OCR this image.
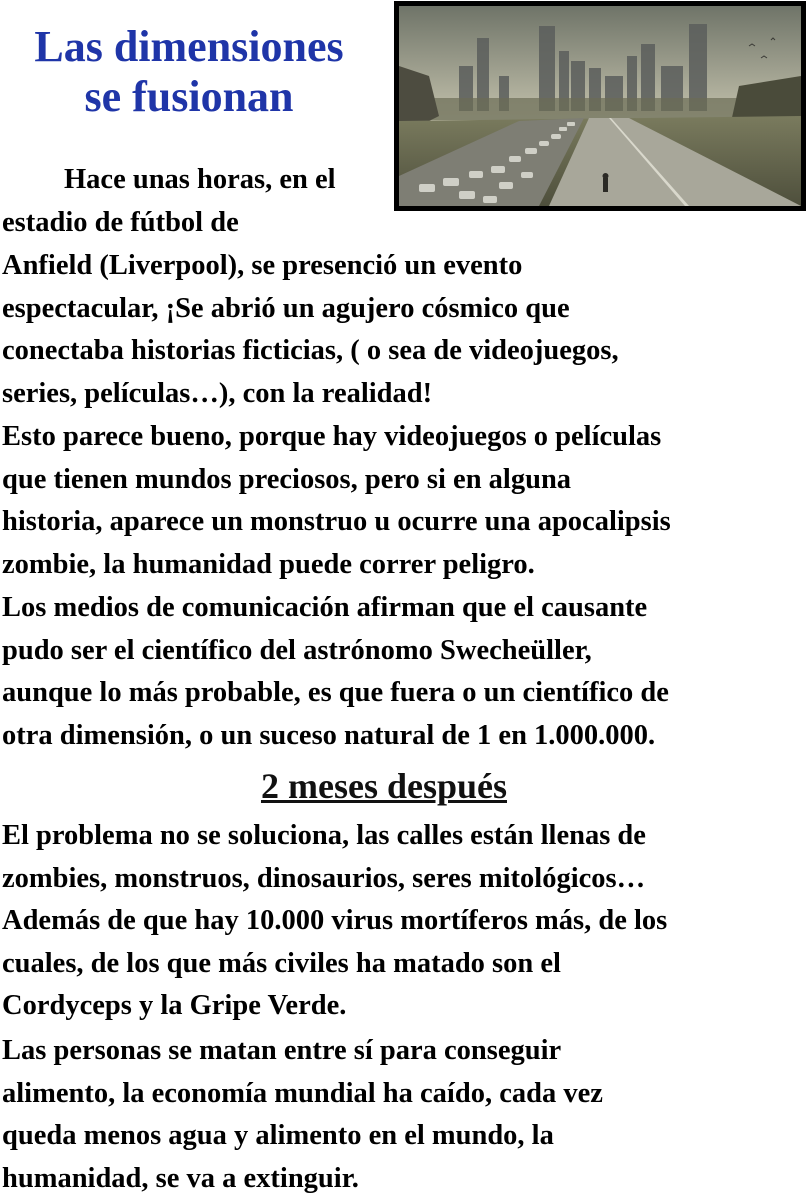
Las dimensiones
se fusionan
Hace unas horas, en el
estadio de fútbol de
Anfield (Liverpool), se presenció un evento
espectacular, ¡Se abrió un agujero cósmico que
conectaba historias ficticias, ( o sea de videojuegos,
series, películas…), con la realidad!
Esto parece bueno, porque hay videojuegos o películas
que tienen mundos preciosos, pero si en alguna
historia, aparece un monstruo u ocurre una apocalipsis
zombie, la humanidad puede correr peligro.
Los medios de comunicación afirman que el causante
pudo ser el científico del astrónomo Swecheüller,
aunque lo más probable, es que fuera o un científico de
otra dimensión, o un suceso natural de 1 en 1.000.000.
2 meses después
El problema no se soluciona, las calles están llenas de
zombies, monstruos, dinosaurios, seres mitológicos…
Además de que hay 10.000 virus mortíferos más, de los
cuales, de los que más civiles ha matado son el
Cordyceps y la Gripe Verde.
Las personas se matan entre sí para conseguir
alimento, la economía mundial ha caído, cada vez
queda menos agua y alimento en el mundo, la
humanidad, se va a extinguir.
